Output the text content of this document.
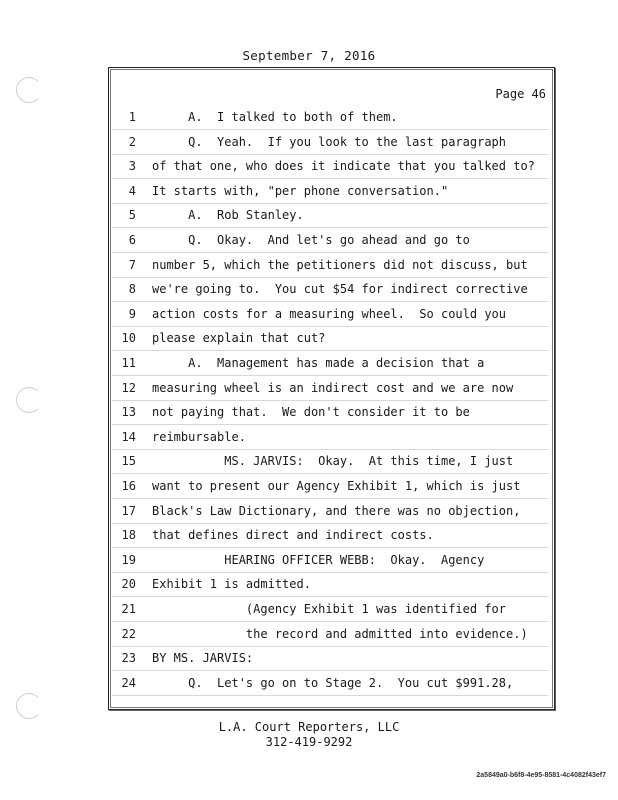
September 7, 2016
Page 46
1 A.  I talked to both of them.
2 Q.  Yeah.  If you look to the last paragraph
3 of that one, who does it indicate that you talked to?
4 It starts with, "per phone conversation."
5 A.  Rob Stanley.
6 Q.  Okay.  And let's go ahead and go to
7 number 5, which the petitioners did not discuss, but
8 we're going to.  You cut $54 for indirect corrective
9 action costs for a measuring wheel.  So could you
10 please explain that cut?
11 A.  Management has made a decision that a
12 measuring wheel is an indirect cost and we are now
13 not paying that.  We don't consider it to be
14 reimbursable.
15 MS. JARVIS:  Okay.  At this time, I just
16 want to present our Agency Exhibit 1, which is just
17 Black's Law Dictionary, and there was no objection,
18 that defines direct and indirect costs.
19 HEARING OFFICER WEBB:  Okay.  Agency
20 Exhibit 1 is admitted.
21 (Agency Exhibit 1 was identified for
22 the record and admitted into evidence.)
23 BY MS. JARVIS:
24 Q.  Let's go on to Stage 2.  You cut $991.28,
L.A. Court Reporters, LLC
312-419-9292
2a5849a0-b6f8-4e95-8581-4c4082f43ef7
